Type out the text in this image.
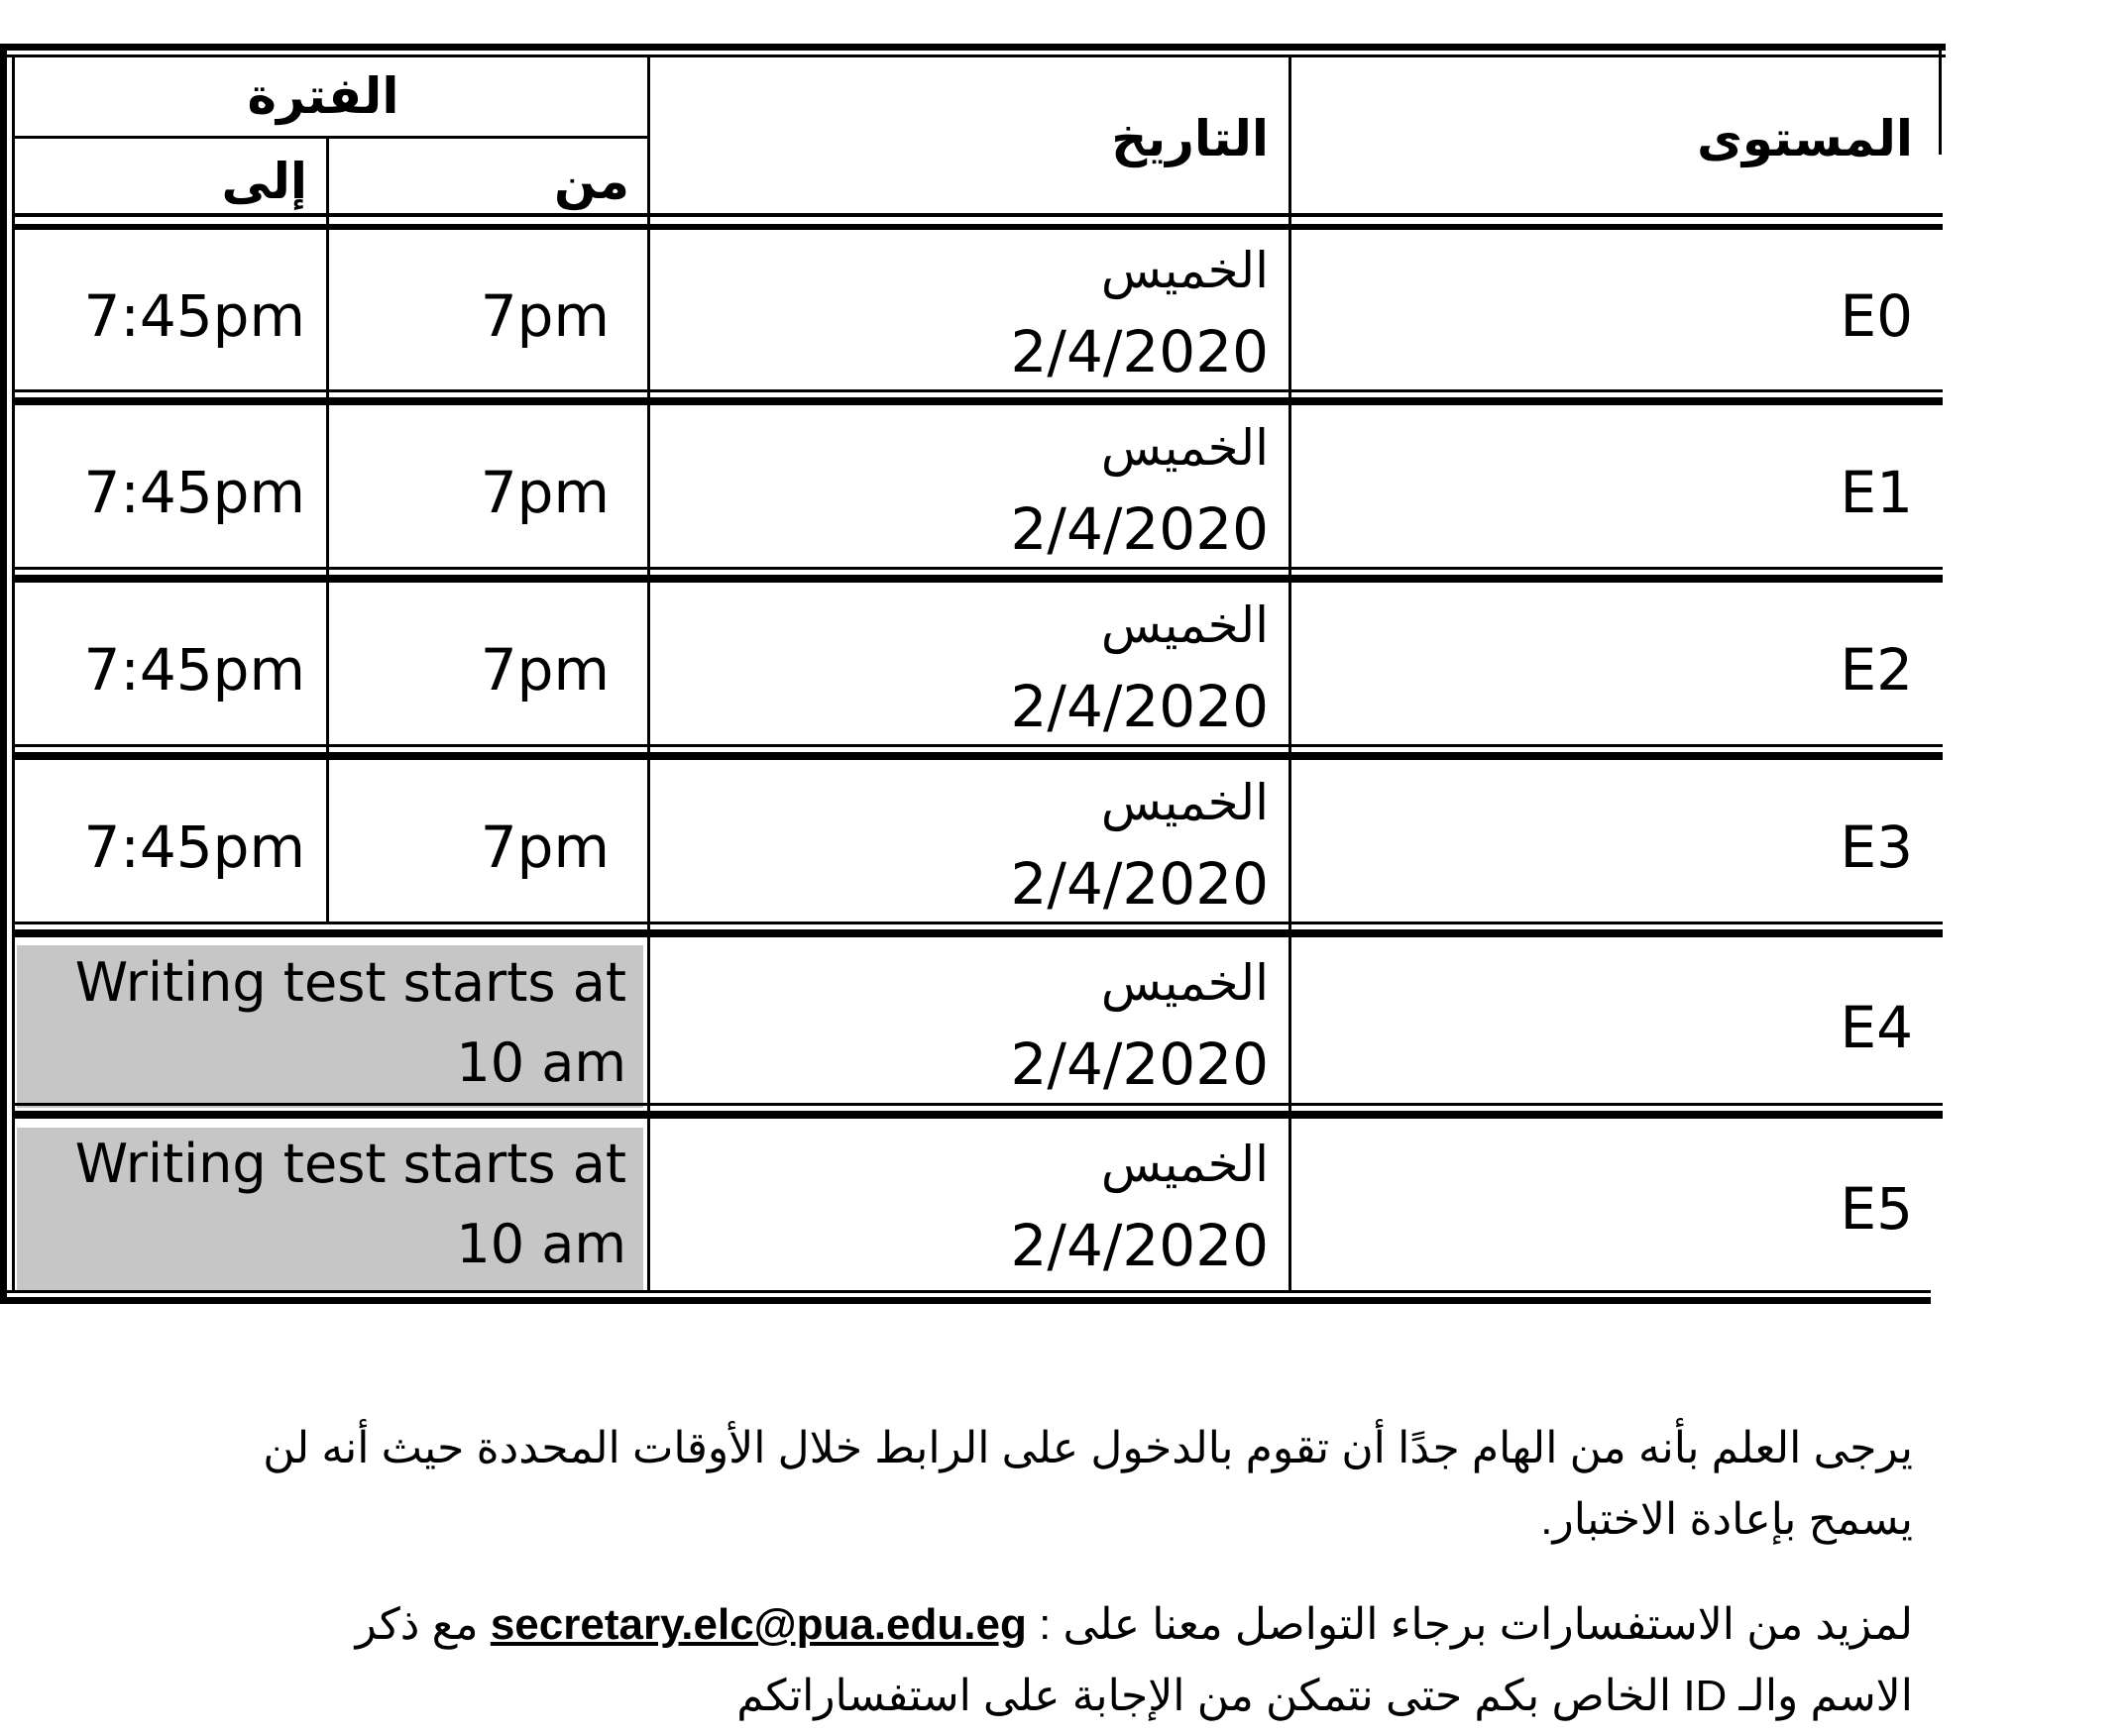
الفترة
إلى	من
التاريخ	المستوى
E0
الخميس
2/4/2020
7pm
7:45pm
E1
الخميس
2/4/2020
7pm
7:45pm
E2
الخميس
2/4/2020
7pm
7:45pm
E3
الخميس
2/4/2020
7pm
7:45pm
E4
الخميس
2/4/2020
Writing test starts at
10 am
E5
الخميس
2/4/2020
Writing test starts at
10 am
يرجى العلم بأنه من الهام جدًا أن تقوم بالدخول على الرابط خلال الأوقات المحددة حيث أنه لن
يسمح بإعادة الاختبار.
لمزيد من الاستفسارات برجاء التواصل معنا على : secretary.elc@pua.edu.eg مع ذكر
الاسم والـ ID الخاص بكم حتى نتمكن من الإجابة على استفساراتكم
